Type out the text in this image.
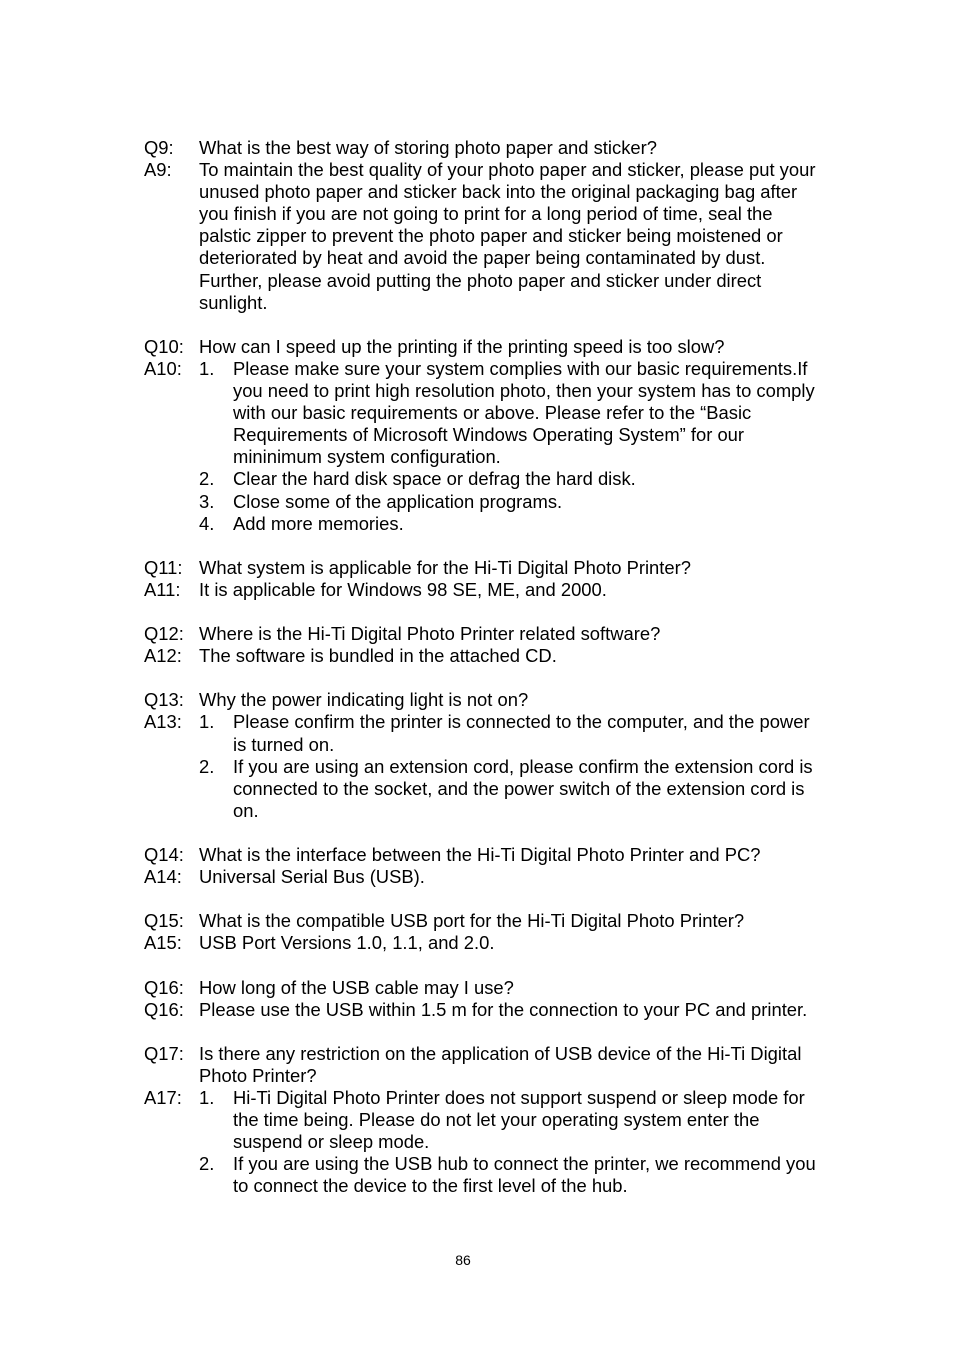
Q9:	What is the best way of storing photo paper and sticker?
A9:	To maintain the best quality of your photo paper and sticker, please put your unused photo paper and sticker back into the original packaging bag after you finish if you are not going to print for a long period of time, seal the palstic zipper to prevent the photo paper and sticker being moistened or deteriorated by heat and avoid the paper being contaminated by dust.    Further, please avoid putting the photo paper and sticker under direct sunlight.
Q10: How can I speed up the printing if the printing speed is too slow?
A10: 1.	Please make sure your system complies with our basic requirements.If you need to print high resolution photo, then your system has to comply with our basic requirements or above. Please refer to the “Basic Requirements of Microsoft Windows Operating System” for our mininimum system configuration.
2.	Clear the hard disk space or defrag the hard disk.
3.	Close some of the application programs.
4.	Add more memories.
Q11: What system is applicable for the Hi-Ti Digital Photo Printer?
A11:	It is applicable for Windows 98 SE, ME, and 2000.
Q12: Where is the Hi-Ti Digital Photo Printer related software?
A12: The software is bundled in the attached CD.
Q13: Why the power indicating light is not on?
A13: 1.	Please confirm the printer is connected to the computer, and the power is turned on.
2.	If you are using an extension cord, please confirm the extension cord is connected to the socket, and the power switch of the extension cord is on.
Q14: What is the interface between the Hi-Ti Digital Photo Printer and PC?
A14: Universal Serial Bus (USB).
Q15: What is the compatible USB port for the Hi-Ti Digital Photo Printer?
A15: USB Port Versions 1.0, 1.1, and 2.0.
Q16: How long of the USB cable may I use?
Q16: Please use the USB within 1.5 m for the connection to your PC and printer.
Q17: Is there any restriction on the application of USB device of the Hi-Ti Digital Photo Printer?
A17: 1.	Hi-Ti Digital Photo Printer does not support suspend or sleep mode for the time being. Please do not let your operating system enter the suspend or sleep mode.
2.	If you are using the USB hub to connect the printer, we recommend you to connect the device to the first level of the hub.
86
